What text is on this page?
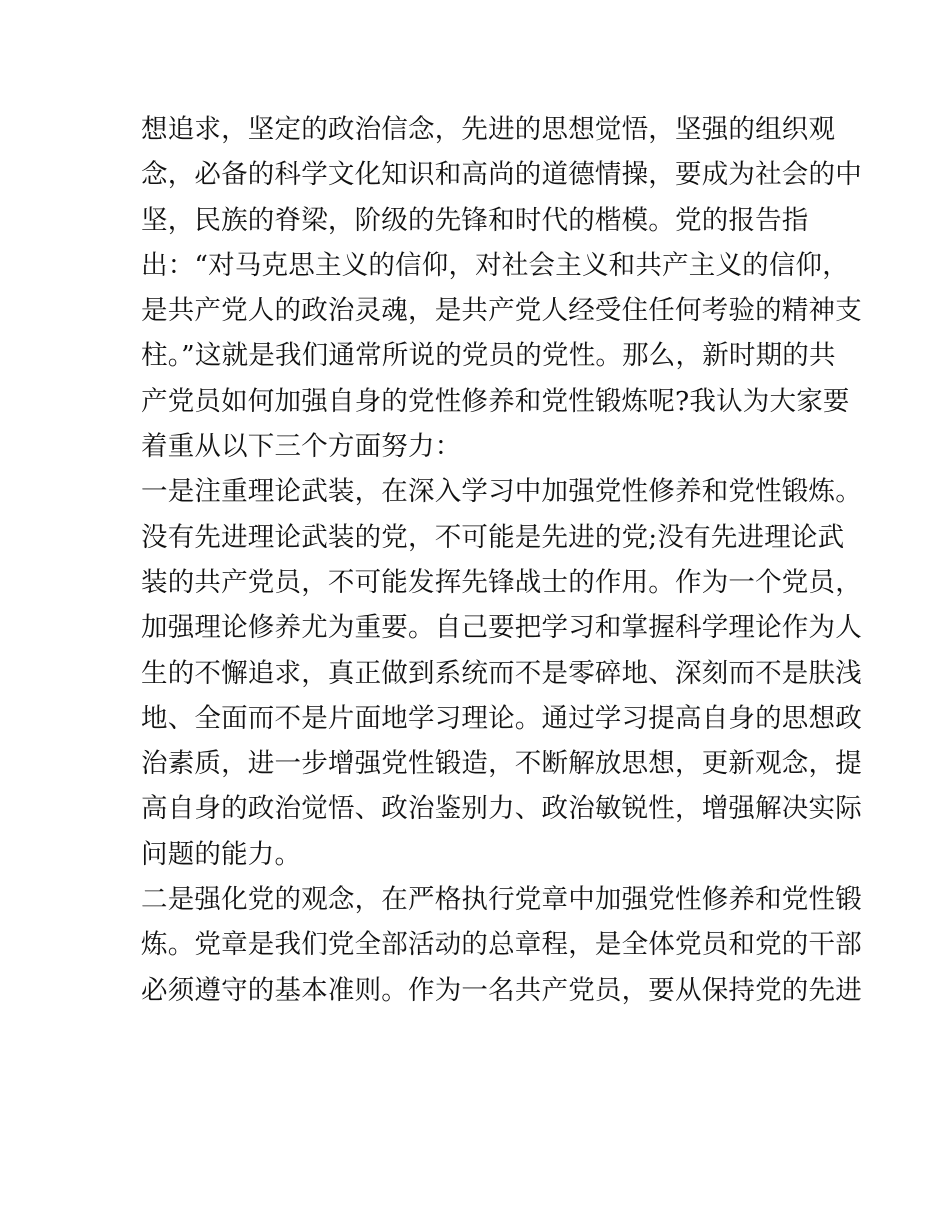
想追求，坚定的政治信念，先进的思想觉悟，坚强的组织观
念，必备的科学文化知识和高尚的道德情操，要成为社会的中
坚，民族的脊梁，阶级的先锋和时代的楷模。党的报告指
出：“对马克思主义的信仰，对社会主义和共产主义的信仰，
是共产党人的政治灵魂，是共产党人经受住任何考验的精神支
柱。”这就是我们通常所说的党员的党性。那么，新时期的共
产党员如何加强自身的党性修养和党性锻炼呢?我认为大家要
着重从以下三个方面努力：
一是注重理论武装，在深入学习中加强党性修养和党性锻炼。
没有先进理论武装的党，不可能是先进的党;没有先进理论武
装的共产党员，不可能发挥先锋战士的作用。作为一个党员，
加强理论修养尤为重要。自己要把学习和掌握科学理论作为人
生的不懈追求，真正做到系统而不是零碎地、深刻而不是肤浅
地、全面而不是片面地学习理论。通过学习提高自身的思想政
治素质，进一步增强党性锻造，不断解放思想，更新观念，提
高自身的政治觉悟、政治鉴别力、政治敏锐性，增强解决实际
问题的能力。
二是强化党的观念，在严格执行党章中加强党性修养和党性锻
炼。党章是我们党全部活动的总章程，是全体党员和党的干部
必须遵守的基本准则。作为一名共产党员，要从保持党的先进
